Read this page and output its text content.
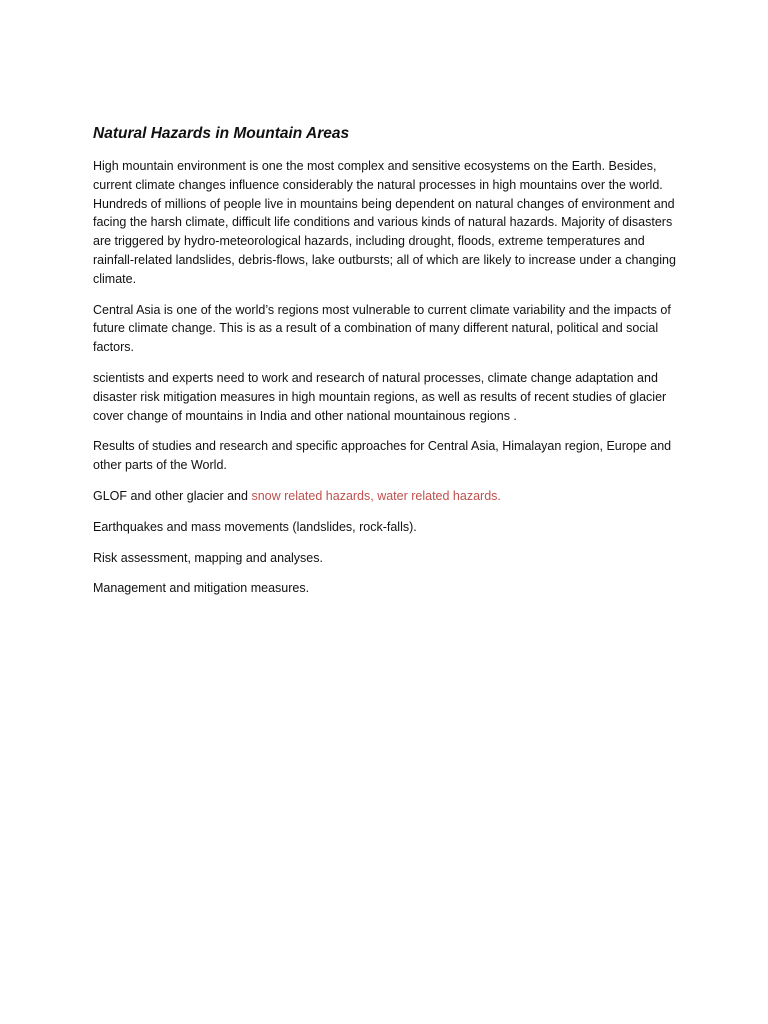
Natural Hazards in Mountain Areas

High mountain environment is one the most complex and sensitive ecosystems on the Earth. Besides, current climate changes influence considerably the natural processes in high mountains over the world. Hundreds of millions of people live in mountains being dependent on natural changes of environment and facing the harsh climate, difficult life conditions and various kinds of natural hazards. Majority of disasters are triggered by hydro-meteorological hazards, including drought, floods, extreme temperatures and rainfall-related landslides, debris-flows, lake outbursts; all of which are likely to increase under a changing climate.

Central Asia is one of the world’s regions most vulnerable to current climate variability and the impacts of future climate change. This is as a result of a combination of many different natural, political and social factors.

scientists and experts need to work and research of natural processes, climate change adaptation and disaster risk mitigation measures in high mountain regions, as well as results of recent studies of glacier cover change of mountains in India and other national mountainous regions .

Results of studies and research and specific approaches for Central Asia, Himalayan region, Europe and other parts of the World.

GLOF and other glacier and snow related hazards, water related hazards.

Earthquakes and mass movements (landslides, rock-falls).

Risk assessment, mapping and analyses.

Management and mitigation measures.
